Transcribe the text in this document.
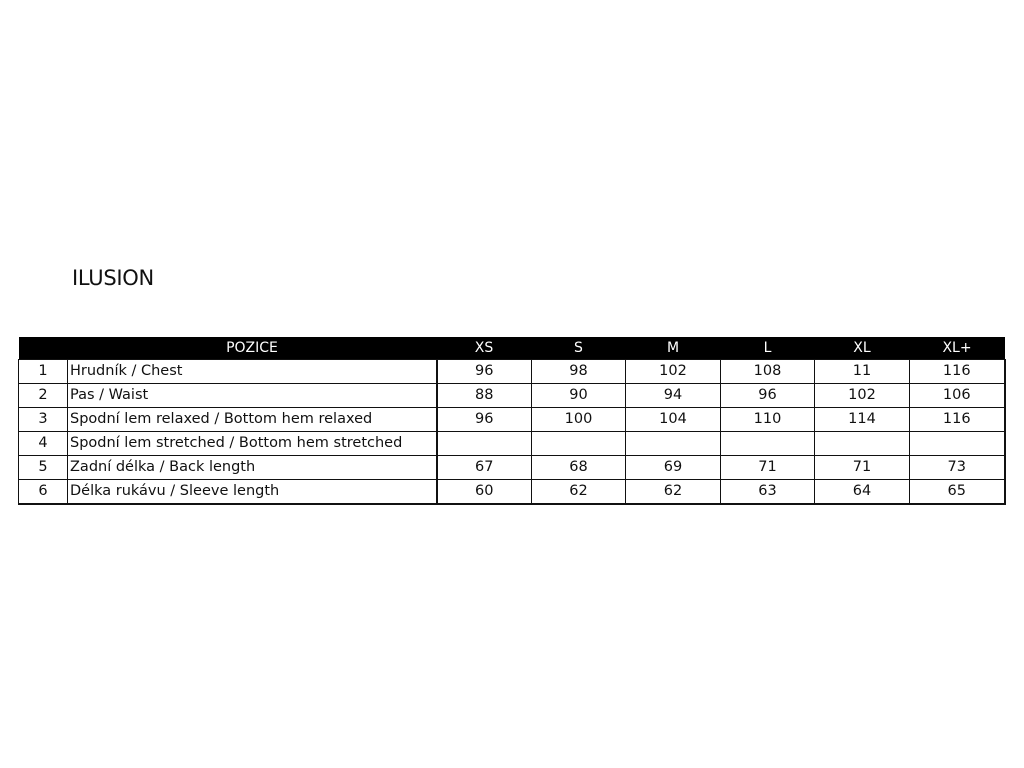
ILUSION
	POZICE	XS	S	M	L	XL	XL+
1	Hrudník / Chest	96	98	102	108	11	116
2	Pas / Waist	88	90	94	96	102	106
3	Spodní lem relaxed / Bottom hem relaxed	96	100	104	110	114	116
4	Spodní lem stretched / Bottom hem stretched						
5	Zadní délka / Back length	67	68	69	71	71	73
6	Délka rukávu / Sleeve length	60	62	62	63	64	65
